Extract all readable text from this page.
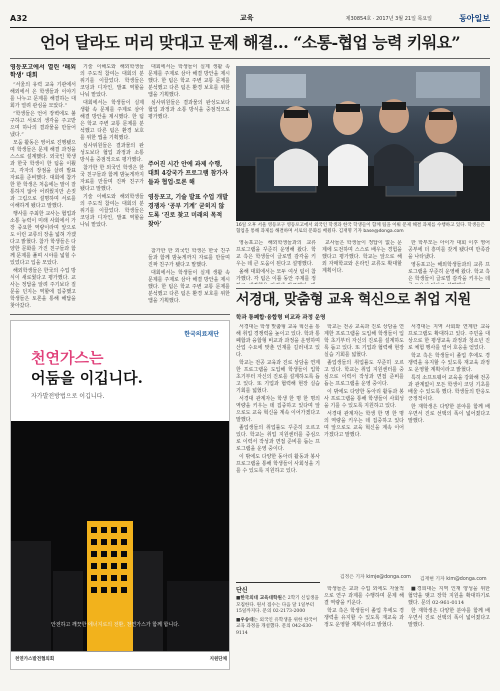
A32	교육	제30854호 · 2017년 3월 21일 목요일	동아일보
언어 달라도 머리 맞대고 문제 해결… “소통-협업 능력 키워요”
영등포고에서 열린 ‘해외학생’ 대회

“서울의 유력 교육 기관에서 해외에서 온 학생들과 이야기를 나누고 문제를 해결하는 대회가 열려 관심을 모았다.”

“학생들은 언어 장벽에도 불구하고 서로의 생각을 주고받으며 하나의 결과물을 만들어 냈다.”

모둠 활동은 영어로 진행됐으며 학생들은 문제 해결 과정을 스스로 설계했다. 외국인 학생과 한국 학생이 한 팀을 이뤘고, 각자의 장점을 살려 발표 자료를 준비했다. 대회에 참가한 한 학생은 처음에는 말이 잘 통하지 않아 어려웠지만 손짓과 그림으로 설명하며 서로를 이해하게 됐다고 말했다.

행사를 주최한 교사는 협업과 소통 능력이 미래 사회에서 가장 중요한 역량이라며 앞으로도 이런 교류의 장을 넓혀 가겠다고 밝혔다. 참가 학생들은 다양한 문화를 가진 친구들과 함께 문제를 풀며 시야를 넓힐 수 있었다고 입을 모았다.

해외학생들은 한국의 수업 방식이 새로웠다고 평가했다. 교사는 정답을 알려 주기보다 질문을 던지는 역할에 집중했고 학생들은 토론을 통해 해답을 찾아갔다.

기술 이해도와 해외학생들의 주도적 참여는 대회의 분위기를 이끌었다. 학생들은 코딩과 디자인, 발표 역할을 나눠 맡았다.

대회에서는 학생들이 실제 생활 속 문제를 주제로 삼아 해결 방안을 제시했다. 한 팀은 학교 주변 교통 문제를 분석했고 다른 팀은 환경 보호를 위한 앱을 기획했다.

심사위원들은 결과물의 완성도보다 협업 과정과 소통 방식을 중점적으로 평가했다.

참가한 한 외국인 학생은 한국 친구들과 함께 밤늦게까지 자료를 만들며 진짜 친구가 됐다고 말했다.

기술 이해도와 해외학생들의 주도적 참여는 대회의 분위기를 이끌었다. 학생들은 코딩과 디자인, 발표 역할을 나눠 맡았다.

대회에서는 학생들이 실제 생활 속 문제를 주제로 삼아 해결 방안을 제시했다. 한 팀은 학교 주변 교통 문제를 분석했고 다른 팀은 환경 보호를 위한 앱을 기획했다.

심사위원들은 결과물의 완성도보다 협업 과정과 소통 방식을 중점적으로 평가했다.

주어진 시간 안에 과제 수행, 대회 4강국가 프로그램 참가자들과 협업·토론 해
영등포고, 기술 발표 수업 개발 경쟁자 ‘공부 기계’ 굳히지 않도록 ‘진로 찾고 미래의 목적 찾아’

참가한 한 외국인 학생은 한국 친구들과 함께 밤늦게까지 자료를 만들며 진짜 친구가 됐다고 말했다.

대회에서는 학생들이 실제 생활 속 문제를 주제로 삼아 해결 방안을 제시했다. 한 팀은 학교 주변 교통 문제를 분석했고 다른 팀은 환경 보호를 위한 앱을 기획했다.

16일 오후 서울 영등포구 영등포고에서 외국인 학생과 한국 학생들이 함께 팀을 이뤄 문제 해결 과제를 수행하고 있다. 학생들은 협업을 통해 과제를 해결하며 서로의 문화를 배웠다. 김재명 기자 base@donga.com

영등포고는 해외학생들과의 교류 프로그램을 꾸준히 운영해 왔다. 학교 측은 학생들이 글로벌 감각을 키우는 데 큰 도움이 된다고 설명했다.

올해 대회에서는 모두 여섯 팀이 참가했다. 각 팀은 이틀 동안 주제를 정

교사들은 학생들이 정답이 없는 문제에 도전하며 스스로 배우는 경험을 했다고 평가했다. 학교는 앞으로 해외 자매학교와 온라인 교류도 확대할 계획이다.

한 학부모는 아이가 대회 이후 영어 공부에 더 흥미를 갖게 됐다며 만족감을 나타냈다.

영등포고는 해외학생들과의 교류 프로그램을 꾸준히 운영해 왔다. 학교 측은 학생들이 글로벌 감각을 키우는 데

한국의료재단
천연가스는
어둠을 이깁니다.
자가발전방법으로 이깁니다.
안전하고 깨끗한 에너지로의 전환, 천연가스가 함께 합니다.
천연가스발전협의회	지원단체
서경대, 맞춤형 교육 혁신으로 취업 지원
학과 통폐합·융합형 비교과 과정 운영

서경대는 학생 맞춤형 교육 혁신을 통해 취업 경쟁력을 높이고 있다. 학과 통폐합과 융합형 비교과 과정을 운영하며 산업 수요에 맞춘 인재를 길러내고 있다.

학교는 전공 교육과 진로 상담을 연계한 프로그램을 도입해 학생들이 입학 초기부터 자신의 진로를 설계하도록 돕고 있다. 또 기업과 협력해 현장 실습 기회를 넓혔다.

서경대 관계자는 학생 한 명 한 명의 역량을 키우는 데 집중하고 있다며 앞으로도 교육 혁신을 계속 이어가겠다고 말했다.

졸업생들의 취업률도 꾸준히 오르고 있다. 학교는 취업 지원센터를 중심으로 이력서 작성과 면접 준비를 돕는 프로그램을 운영 중이다.

이 밖에도 다양한 동아리 활동과 봉사 프로그램을 통해 학생들이 사회성을 기를 수 있도록 지원하고 있다.

학교는 전공 교육과 진로 상담을 연계한 프로그램을 도입해 학생들이 입학 초기부터 자신의 진로를 설계하도록 돕고 있다. 또 기업과 협력해 현장 실습 기회를 넓혔다.

졸업생들의 취업률도 꾸준히 오르고 있다. 학교는 취업 지원센터를 중심으로 이력서 작성과 면접 준비를 돕는 프로그램을 운영 중이다.

이 밖에도 다양한 동아리 활동과 봉사 프로그램을 통해 학생들이 사회성을 기를 수 있도록 지원하고 있다.

서경대 관계자는 학생 한 명 한 명의 역량을 키우는 데 집중하고 있다며 앞으로도 교육 혁신을 계속 이어가겠다고 말했다.

김정은 기자 kimje@donga.com

서경대는 지역 사회와 연계한 교육 프로그램도 확대하고 있다. 주민을 대상으로 한 평생교육 과정과 청소년 진로 체험 행사를 열어 호응을 얻었다.

학교 측은 학생들이 졸업 후에도 경쟁력을 유지할 수 있도록 재교육 과정도 운영할 계획이라고 밝혔다.

특히 소프트웨어 교육을 강화해 전공과 관계없이 모든 학생이 코딩 기초를 배울 수 있도록 했다. 학생들의 반응도 긍정적이다.

한 재학생은 다양한 분야를 함께 배우면서 진로 선택의 폭이 넓어졌다고 말했다.

김재현 기자 kim@donga.com
단신
■한국외대 교육대학원은 2학기 신입생을 모집한다. 원서 접수는 다음 달 1일부터 15일까지다. 문의 02-2173-2000
■우송대는 외국인 유학생을 위한 한국어 교육 과정을 개설했다. 문의 042-630-9114

학생들은 교과 수업 외에도 자율적으로 연구 과제를 수행하며 문제 해결 역량을 키운다.

학교 측은 학생들이 졸업 후에도 경쟁력을 유지할 수 있도록 재교육 과정도 운영할 계획이라고 밝혔다.

■경희대는 지역 인재 양성을 위한 협약을 맺고 장학 지원을 확대하기로 했다. 문의 02-961-0114

한 재학생은 다양한 분야를 함께 배우면서 진로 선택의 폭이 넓어졌다고 말했다.
